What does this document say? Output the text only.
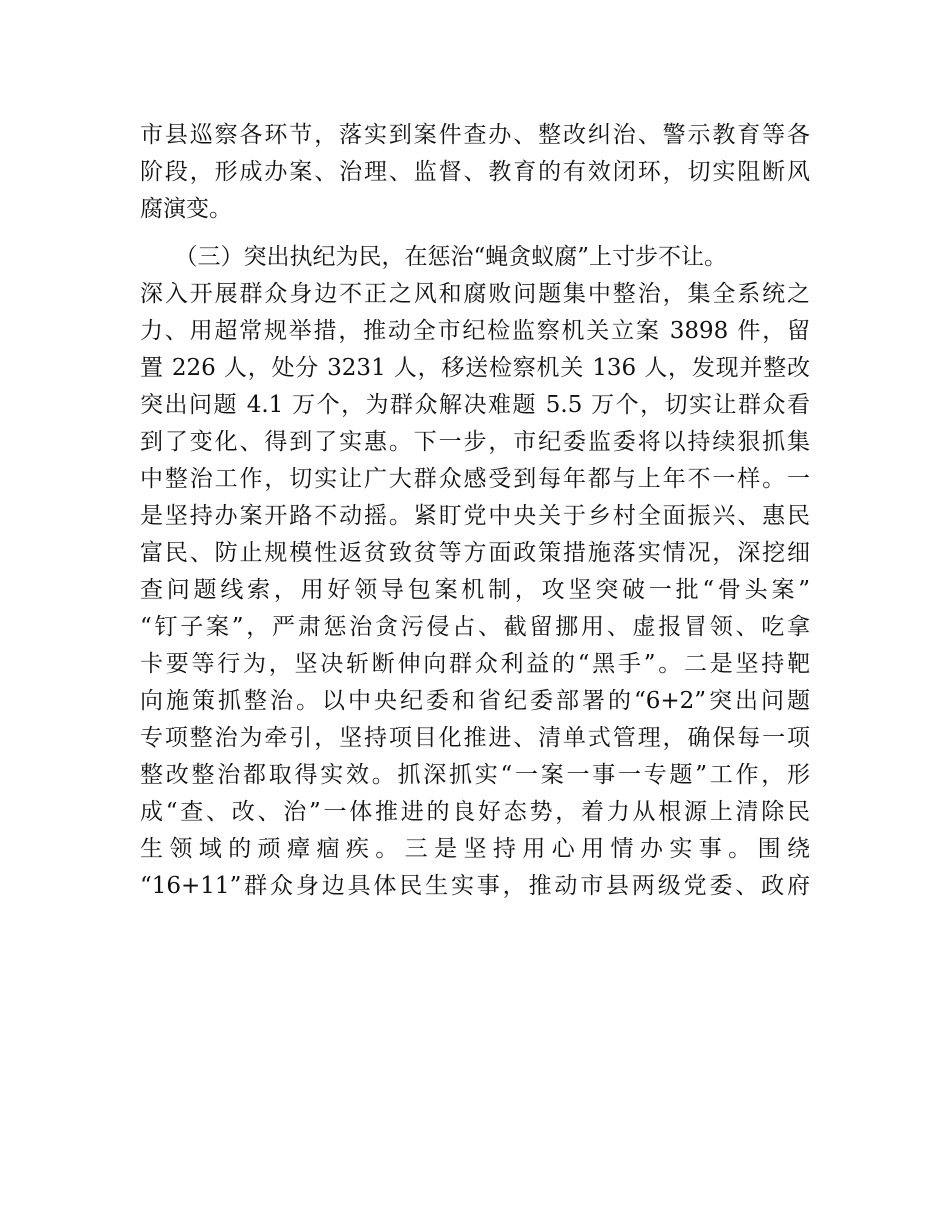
市县巡察各环节，落实到案件查办、整改纠治、警示教育等各
阶段，形成办案、治理、监督、教育的有效闭环，切实阻断风
腐演变。
　　（三）突出执纪为民，在惩治“蝇贪蚁腐”上寸步不让。
深入开展群众身边不正之风和腐败问题集中整治，集全系统之
力、用超常规举措，推动全市纪检监察机关立案 3898 件，留
置 226 人，处分 3231 人，移送检察机关 136 人，发现并整改
突出问题 4.1 万个，为群众解决难题 5.5 万个，切实让群众看
到了变化、得到了实惠。下一步，市纪委监委将以持续狠抓集
中整治工作，切实让广大群众感受到每年都与上年不一样。一
是坚持办案开路不动摇。紧盯党中央关于乡村全面振兴、惠民
富民、防止规模性返贫致贫等方面政策措施落实情况，深挖细
查问题线索，用好领导包案机制，攻坚突破一批“骨头案”
“钉子案”，严肃惩治贪污侵占、截留挪用、虚报冒领、吃拿
卡要等行为，坚决斩断伸向群众利益的“黑手”。二是坚持靶
向施策抓整治。以中央纪委和省纪委部署的“6+2”突出问题
专项整治为牵引，坚持项目化推进、清单式管理，确保每一项
整改整治都取得实效。抓深抓实“一案一事一专题”工作，形
成“查、改、治”一体推进的良好态势，着力从根源上清除民
生领域的顽瘴痼疾。三是坚持用心用情办实事。围绕
“16+11”群众身边具体民生实事，推动市县两级党委、政府
